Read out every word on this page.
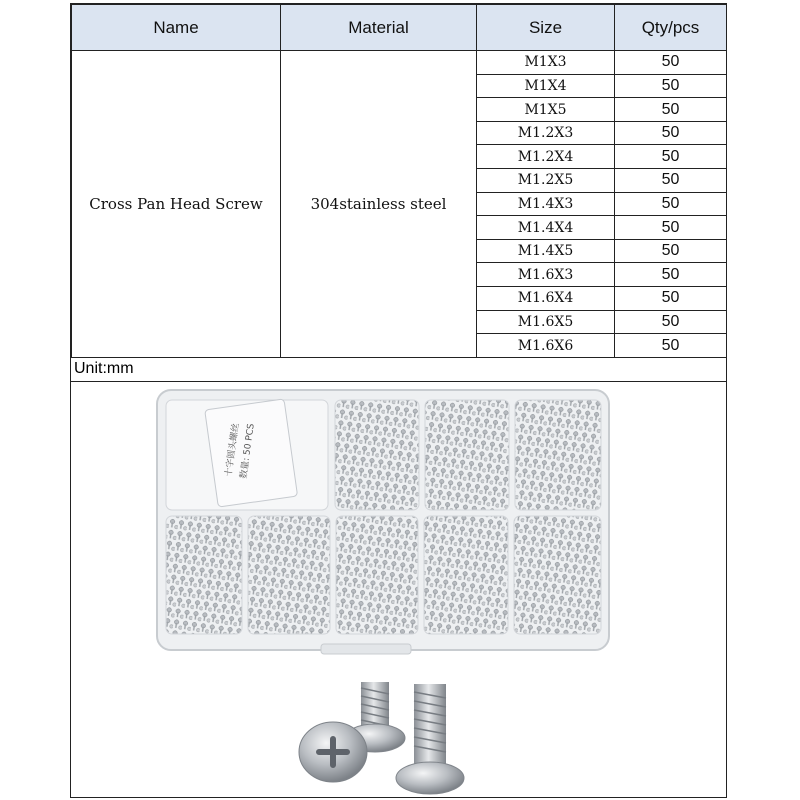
Name	Material	Size	Qty/pcs
Cross Pan Head Screw	304stainless steel	M1X3	50
		M1X4	50
		M1X5	50
		M1.2X3	50
		M1.2X4	50
		M1.2X5	50
		M1.4X3	50
		M1.4X4	50
		M1.4X5	50
		M1.6X3	50
		M1.6X4	50
		M1.6X5	50
		M1.6X6	50
Unit:mm
十字圆头螺丝
数量: 50 PCS
